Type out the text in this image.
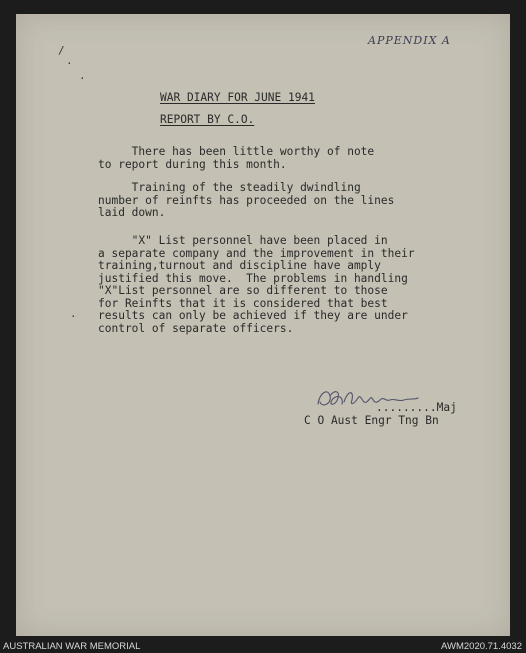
/
·
·
·
APPENDIX A
WAR DIARY FOR JUNE 1941
REPORT BY C.O.
There has been little worthy of note
to report during this month.
Training of the steadily dwindling
number of reinfts has proceeded on the lines
laid down.
"X" List personnel have been placed in
a separate company and the improvement in their
training,turnout and discipline have amply
justified this move.  The problems in handling
"X"List personnel are so different to those
for Reinfts that it is considered that best
results can only be achieved if they are under
control of separate officers.
.........Maj
C O Aust Engr Tng Bn
AUSTRALIAN WAR MEMORIAL	AWM2020.71.4032
